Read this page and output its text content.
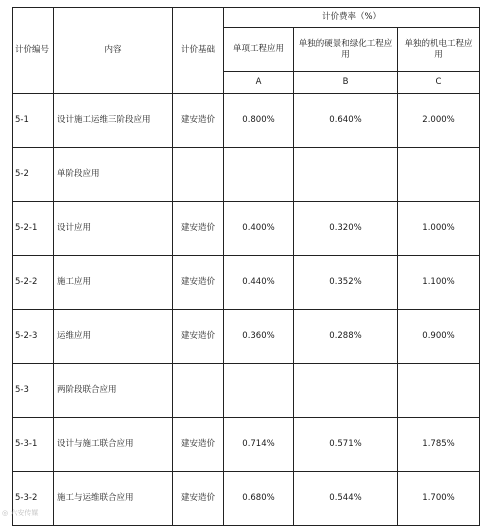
计价编号	内容	计价基础	计价费率（%）		
			单项工程应用	单独的硬景和绿化工程应用	单独的机电工程应用
			A	B	C
5-1	设计施工运维三阶段应用	建安造价	0.800%	0.640%	2.000%
5-2	单阶段应用				
5-2-1	设计应用	建安造价	0.400%	0.320%	1.000%
5-2-2	施工应用	建安造价	0.440%	0.352%	1.100%
5-2-3	运维应用	建安造价	0.360%	0.288%	0.900%
5-3	两阶段联合应用				
5-3-1	设计与施工联合应用	建安造价	0.714%	0.571%	1.785%
5-3-2	施工与运维联合应用	建安造价	0.680%	0.544%	1.700%
◎ 六安传媒
